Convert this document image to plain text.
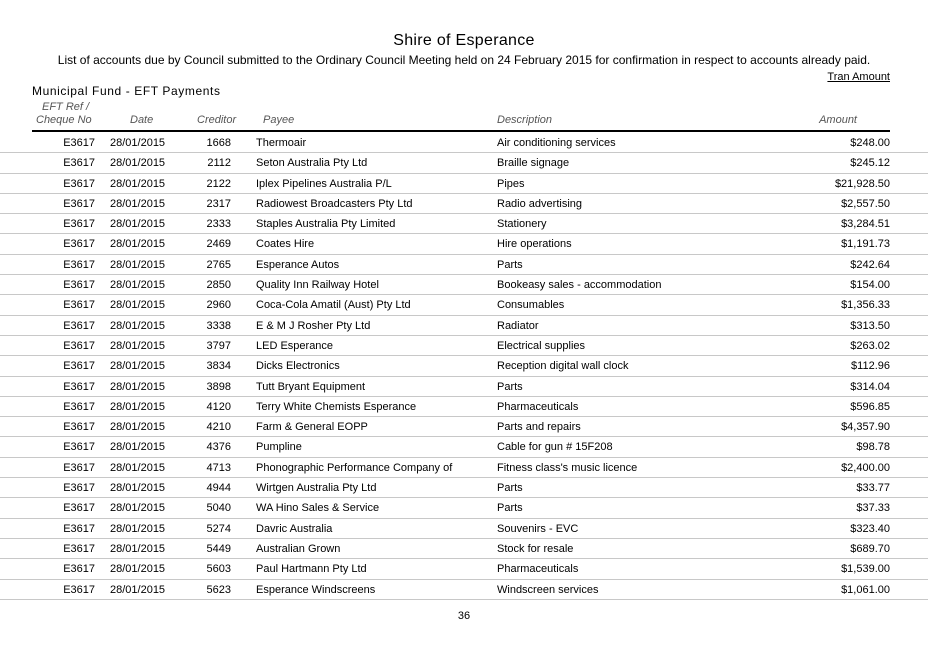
Shire of Esperance
List of accounts due by Council submitted to the Ordinary Council Meeting held on 24 February 2015 for confirmation in respect to accounts already paid.
Tran Amount
Municipal Fund - EFT Payments
EFT Ref /
Cheque No	Date	Creditor Payee	Description	Amount
E3617 28/01/2015	1668 Thermoair	Air conditioning services	$248.00
E3617 28/01/2015	2112 Seton Australia Pty Ltd	Braille signage	$245.12
E3617 28/01/2015	2122 Iplex Pipelines Australia P/L	Pipes	$21,928.50
E3617 28/01/2015	2317 Radiowest Broadcasters Pty Ltd	Radio advertising	$2,557.50
E3617 28/01/2015	2333 Staples Australia Pty Limited	Stationery	$3,284.51
E3617 28/01/2015	2469 Coates Hire	Hire operations	$1,191.73
E3617 28/01/2015	2765 Esperance Autos	Parts	$242.64
E3617 28/01/2015	2850 Quality Inn Railway Hotel	Bookeasy sales - accommodation	$154.00
E3617 28/01/2015	2960 Coca-Cola Amatil (Aust) Pty Ltd	Consumables	$1,356.33
E3617 28/01/2015	3338 E & M J Rosher Pty Ltd	Radiator	$313.50
E3617 28/01/2015	3797 LED Esperance	Electrical supplies	$263.02
E3617 28/01/2015	3834 Dicks Electronics	Reception digital wall clock	$112.96
E3617 28/01/2015	3898 Tutt Bryant Equipment	Parts	$314.04
E3617 28/01/2015	4120 Terry White Chemists Esperance	Pharmaceuticals	$596.85
E3617 28/01/2015	4210 Farm & General EOPP	Parts and repairs	$4,357.90
E3617 28/01/2015	4376 Pumpline	Cable for gun # 15F208	$98.78
E3617 28/01/2015	4713 Phonographic Performance Company of	Fitness class's music licence	$2,400.00
E3617 28/01/2015	4944 Wirtgen Australia Pty Ltd	Parts	$33.77
E3617 28/01/2015	5040 WA Hino Sales & Service	Parts	$37.33
E3617 28/01/2015	5274 Davric Australia	Souvenirs - EVC	$323.40
E3617 28/01/2015	5449 Australian Grown	Stock for resale	$689.70
E3617 28/01/2015	5603 Paul Hartmann Pty Ltd	Pharmaceuticals	$1,539.00
E3617 28/01/2015	5623 Esperance Windscreens	Windscreen services	$1,061.00
36
